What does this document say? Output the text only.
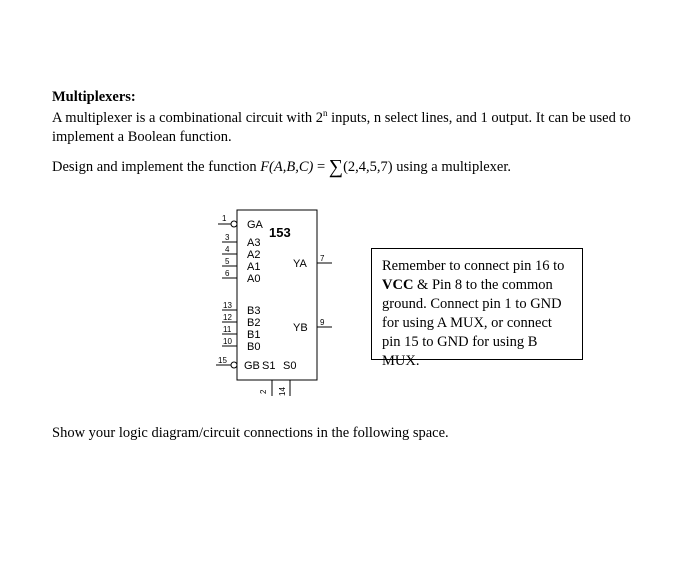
Multiplexers:
A multiplexer is a combinational circuit with 2$^n$ inputs, n select lines, and 1 output. It can be used to implement a Boolean function.
Design and implement the function F(A,B,C) = ∑(2,4,5,7) using a multiplexer.
GA 153
A3
A2
A1
A0
YA
B3
B2
B1
B0
YB
GB S1 S0
1
3
4
5
6
13
12
11
10
15
7
9
2 14
Remember to connect pin 16 to
VCC & Pin 8 to the common
ground. Connect pin 1 to GND
for using A MUX, or connect
pin 15 to GND for using B MUX.
Show your logic diagram/circuit connections in the following space.
